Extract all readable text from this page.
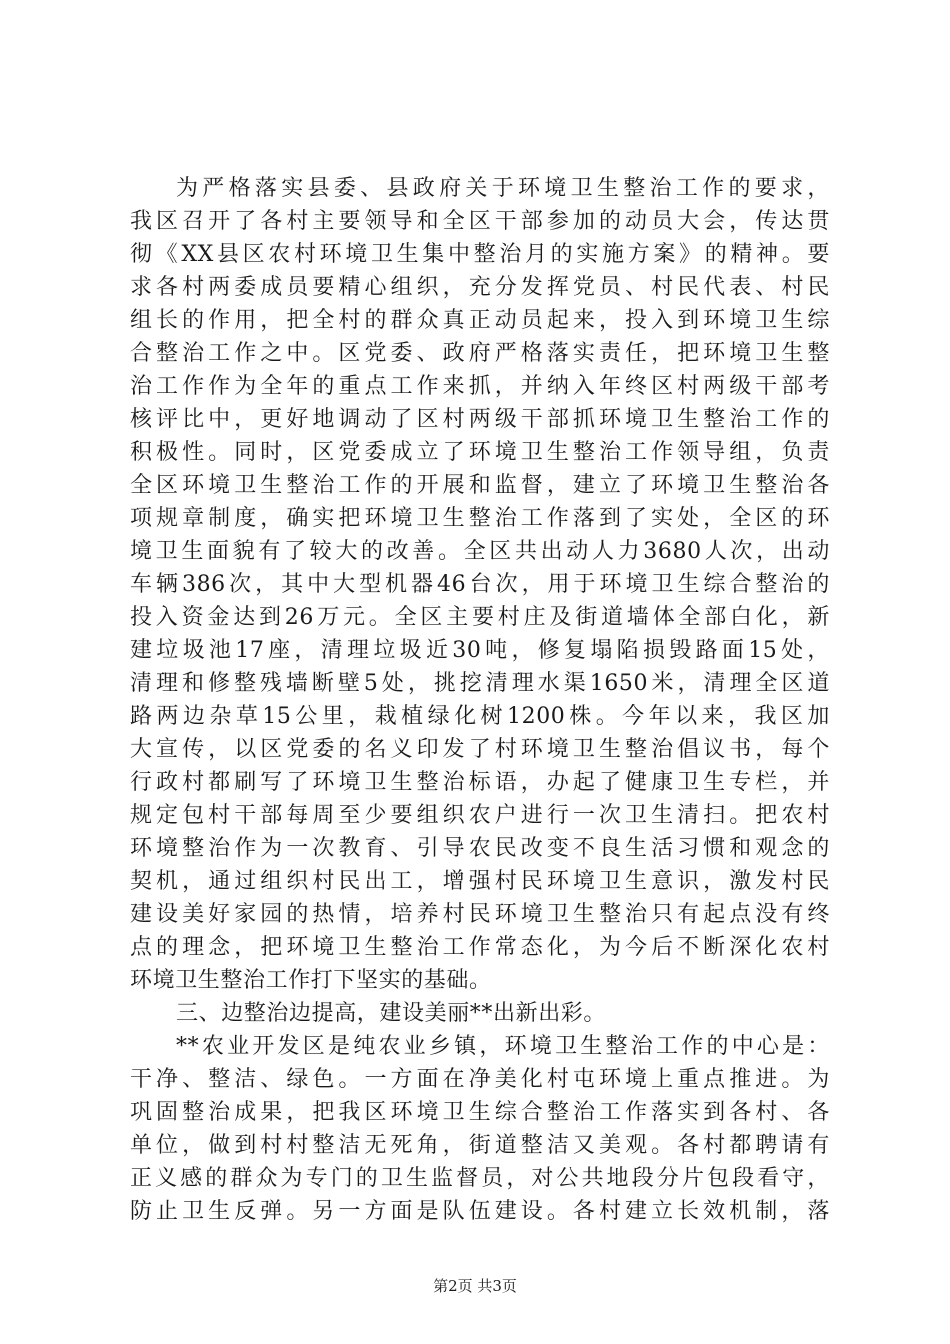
为严格落实县委、县政府关于环境卫生整治工作的要求，
我区召开了各村主要领导和全区干部参加的动员大会，传达贯
彻《XX县区农村环境卫生集中整治月的实施方案》的精神。要
求各村两委成员要精心组织，充分发挥党员、村民代表、村民
组长的作用，把全村的群众真正动员起来，投入到环境卫生综
合整治工作之中。区党委、政府严格落实责任，把环境卫生整
治工作作为全年的重点工作来抓，并纳入年终区村两级干部考
核评比中，更好地调动了区村两级干部抓环境卫生整治工作的
积极性。同时，区党委成立了环境卫生整治工作领导组，负责
全区环境卫生整治工作的开展和监督，建立了环境卫生整治各
项规章制度，确实把环境卫生整治工作落到了实处，全区的环
境卫生面貌有了较大的改善。全区共出动人力3680人次，出动
车辆386次，其中大型机器46台次，用于环境卫生综合整治的
投入资金达到26万元。全区主要村庄及街道墙体全部白化，新
建垃圾池17座，清理垃圾近30吨，修复塌陷损毁路面15处，
清理和修整残墙断壁5处，挑挖清理水渠1650米，清理全区道
路两边杂草15公里，栽植绿化树1200株。今年以来，我区加
大宣传，以区党委的名义印发了村环境卫生整治倡议书，每个
行政村都刷写了环境卫生整治标语，办起了健康卫生专栏，并
规定包村干部每周至少要组织农户进行一次卫生清扫。把农村
环境整治作为一次教育、引导农民改变不良生活习惯和观念的
契机，通过组织村民出工，增强村民环境卫生意识，激发村民
建设美好家园的热情，培养村民环境卫生整治只有起点没有终
点的理念，把环境卫生整治工作常态化，为今后不断深化农村
环境卫生整治工作打下坚实的基础。
三、边整治边提高，建设美丽**出新出彩。
**农业开发区是纯农业乡镇，环境卫生整治工作的中心是：
干净、整洁、绿色。一方面在净美化村屯环境上重点推进。为
巩固整治成果，把我区环境卫生综合整治工作落实到各村、各
单位，做到村村整洁无死角，街道整洁又美观。各村都聘请有
正义感的群众为专门的卫生监督员，对公共地段分片包段看守，
防止卫生反弹。另一方面是队伍建设。各村建立长效机制，落
第2页 共3页
